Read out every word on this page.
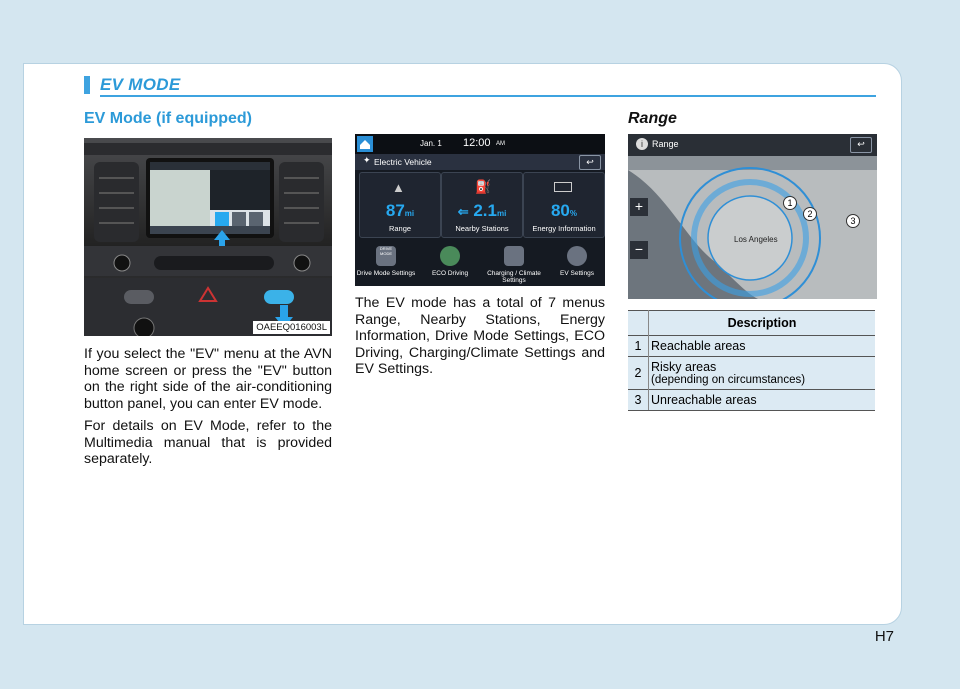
EV MODE
EV Mode (if equipped)
OAEEQ016003L

If you select the "EV" menu at the AVN home screen or press the "EV" button on the right side of the air-conditioning button panel, you can enter EV mode.

For details on EV Mode, refer to the Multimedia manual that is provided separately.

Jan. 1 12:00 AM
✦ Electric Vehicle	↩
▲
87mi
Range
⛽
⇐ 2.1mi
Nearby Stations
80%
Energy Information
DRIVE MODE
Drive Mode Settings	ECO Driving	Charging / Climate Settings
EV Settings

The EV mode has a total of 7 menus Range, Nearby Stations, Energy Information, Drive Mode Settings, ECO Driving, Charging/Climate Settings and EV Settings.

Range
i	Range	↩
+
−
Los Angeles
1
2
3
	Description
1	Reachable areas
2	Risky areas
(depending on circumstances)

3	Unreachable areas
H7
